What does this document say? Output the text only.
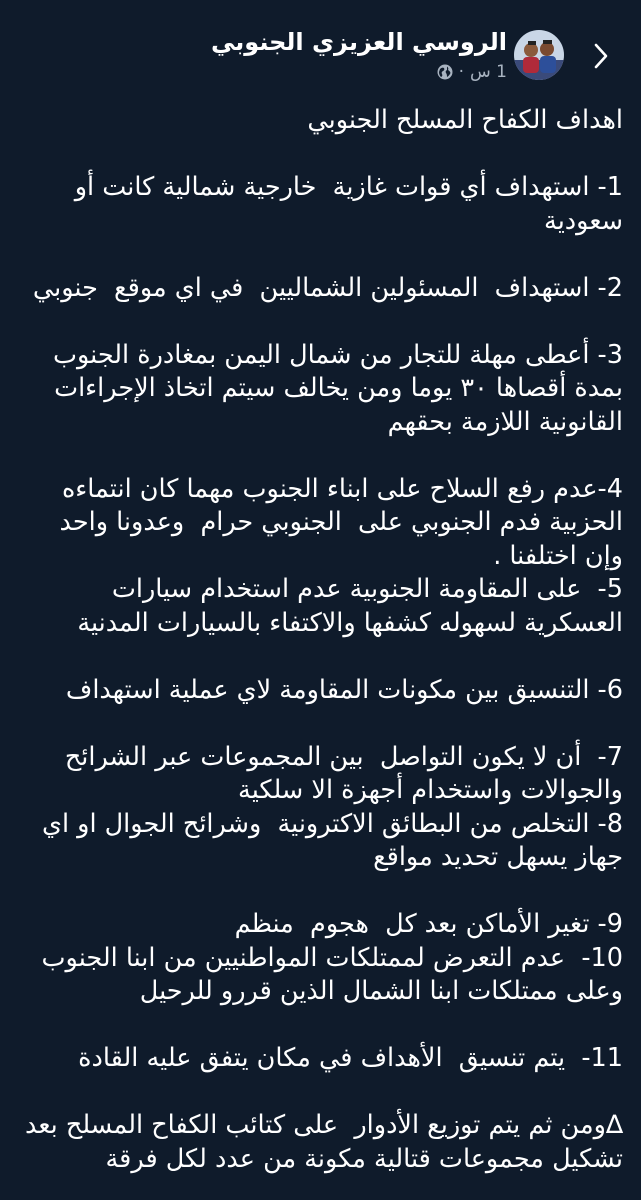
الروسي العزيزي الجنوبي
1 س
·
اهداف الكفاح المسلح الجنوبي
1- استهداف أي قوات غازية  خارجية شمالية كانت أو سعودية
2- استهداف  المسئولين الشماليين  في اي موقع  جنوبي
3- أعطى مهلة للتجار من شمال اليمن بمغادرة الجنوب بمدة أقصاها ٣٠ يوما ومن يخالف سيتم اتخاذ الإجراءات القانونية اللازمة بحقهم
4-عدم رفع السلاح على ابناء الجنوب مهما كان انتماءه الحزبية فدم الجنوبي على  الجنوبي حرام  وعدونا واحد وإن اختلفنا .
5-  على المقاومة الجنوبية عدم استخدام سيارات العسكرية لسهوله كشفها والاكتفاء بالسيارات المدنية
6- التنسيق بين مكونات المقاومة لاي عملية استهداف
7-  أن لا يكون التواصل  بين المجموعات عبر الشرائح والجوالات واستخدام أجهزة الا سلكية
8- التخلص من البطائق الاكترونية  وشرائح الجوال او اي جهاز يسهل تحديد مواقع
9- تغير الأماكن بعد كل  هجوم  منظم
10-  عدم التعرض لممتلكات المواطنيين من ابنا الجنوب وعلى ممتلكات ابنا الشمال الذين قررو للرحيل
11-  يتم تنسيق  الأهداف في مكان يتفق عليه القادة
∆ومن ثم يتم توزيع الأدوار  على كتائب الكفاح المسلح بعد تشكيل مجموعات قتالية مكونة من عدد لكل فرقة
